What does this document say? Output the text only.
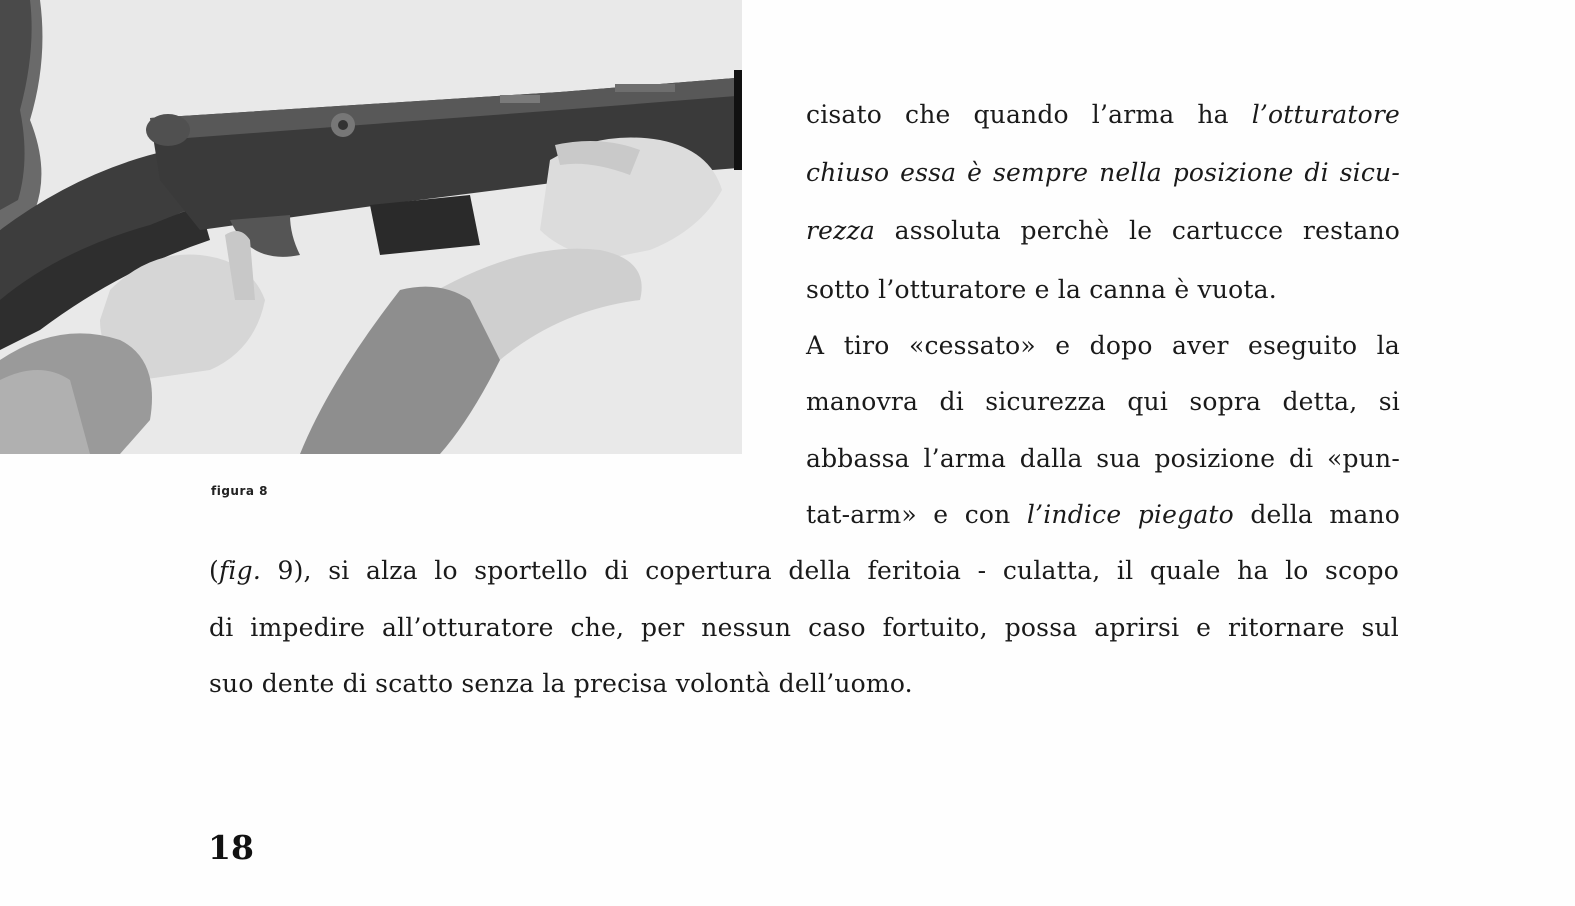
figura 8
cisato che quando l’arma ha l’otturatore
chiuso essa è sempre nella posizione di sicu-
rezza assoluta perchè le cartucce restano
sotto l’otturatore e la canna è vuota.
A tiro «cessato» e dopo aver eseguito la
manovra di sicurezza qui sopra detta, si
abbassa l’arma dalla sua posizione di «pun-
tat-arm» e con l’indice piegato della mano
(fig. 9), si alza lo sportello di copertura della feritoia - culatta, il quale ha lo scopo
di impedire all’otturatore che, per nessun caso fortuito, possa aprirsi e ritornare sul
suo dente di scatto senza la precisa volontà dell’uomo.
18
